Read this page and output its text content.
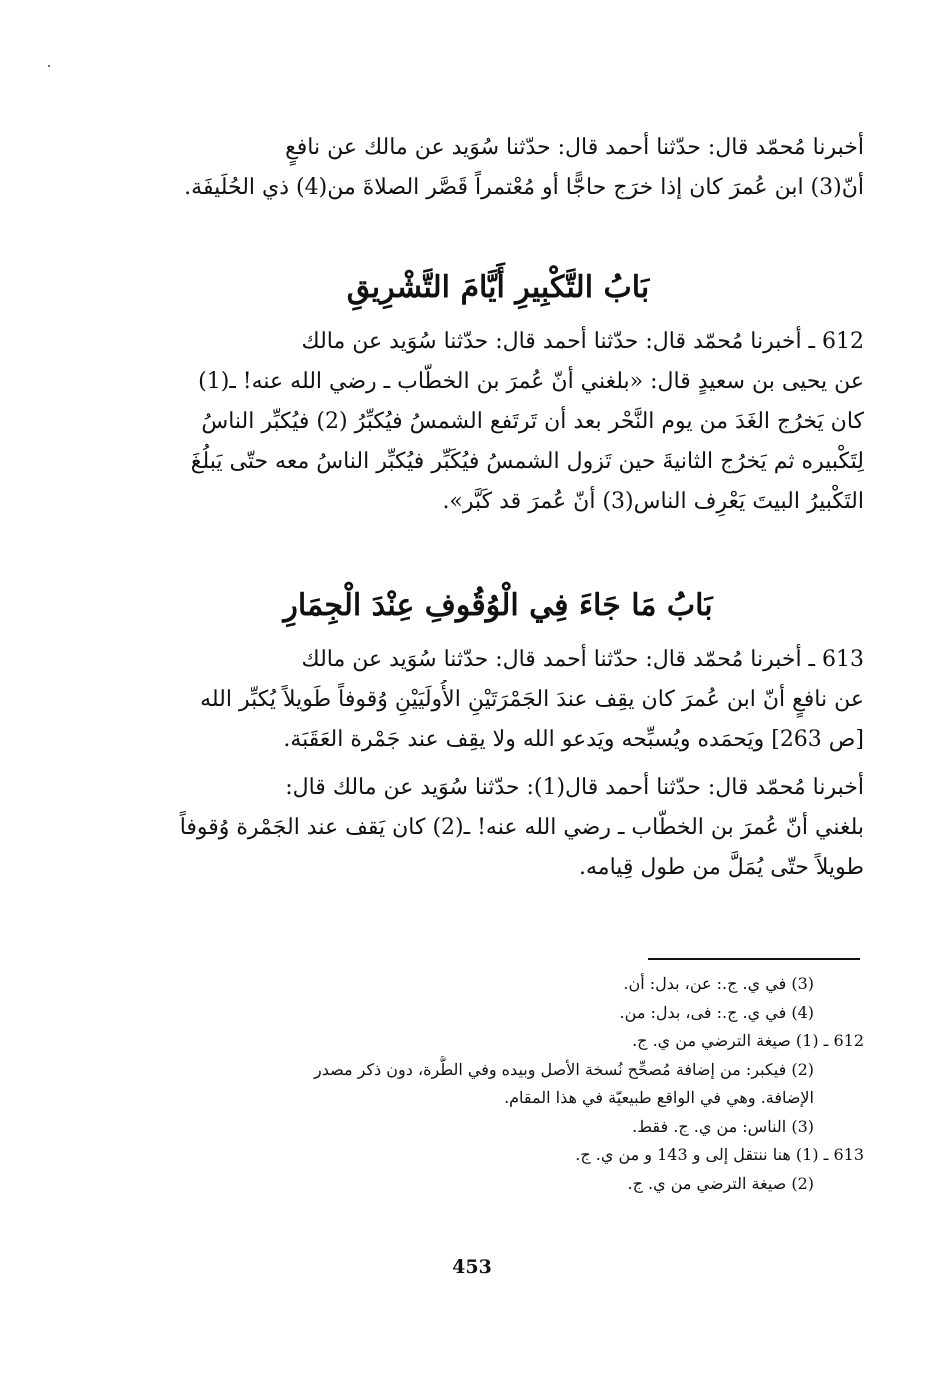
أخبرنا مُحمّد قال: حدّثنا أحمد قال: حدّثنا سُوَيد عن مالك عن نافعٍ
أنّ(3) ابن عُمرَ كان إذا خرَج حاجًّا أو مُعْتمراً قَصَّر الصلاةَ من(4) ذي الحُلَيفَة.
بَابُ التَّكْبِيرِ أَيَّامَ التَّشْرِيقِ
612 ـ أخبرنا مُحمّد قال: حدّثنا أحمد قال: حدّثنا سُوَيد عن مالك
عن يحيى بن سعيدٍ قال: «بلغني أنّ عُمرَ بن الخطّاب ـ رضي الله عنه! ـ(1)
كان يَخرُج الغَدَ من يوم النَّحْر بعد أن تَرتَفع الشمسُ فيُكبِّرُ (2) فيُكبِّر الناسُ
لِتَكْبيره ثم يَخرُج الثانيةَ حين تَزول الشمسُ فيُكَبِّر فيُكبِّر الناسُ معه حتّى يَبلُغَ
التَكْبيرُ البيتَ يَعْرِف الناس(3) أنّ عُمرَ قد كَبَّر».
بَابُ مَا جَاءَ فِي الْوُقُوفِ عِنْدَ الْجِمَارِ
613 ـ أخبرنا مُحمّد قال: حدّثنا أحمد قال: حدّثنا سُوَيد عن مالك
عن نافعٍ أنّ ابن عُمرَ كان يقِف عندَ الجَمْرَتَيْنِ الأُولَيَيْنِ وُقوفاً طَويلاً يُكبِّر الله
[ص 263] ويَحمَده ويُسبِّحه ويَدعو الله ولا يقِف عند جَمْرة العَقَبَة.
أخبرنا مُحمّد قال: حدّثنا أحمد قال(1): حدّثنا سُوَيد عن مالك قال:
بلغني أنّ عُمرَ بن الخطّاب ـ رضي الله عنه! ـ(2) كان يَقف عند الجَمْرة وُقوفاً
طويلاً حتّى يُمَلَّ من طول قِيامه.
(3) في ي. ج.: عن، بدل: أن.
(4) في ي. ج.: فى، بدل: من.
612 ـ (1) صيغة الترضي من ي. ج.
(2) فيكبر: من إضافة مُصحِّح نُسخة الأصل وبيده وفي الطُّرة، دون ذكر مصدر
الإضافة. وهي في الواقع طبيعيّة في هذا المقام.
(3) الناس: من ي. ج. فقط.
613 ـ (1) هنا ننتقل إلى و 143 و من ي. ج.
(2) صيغة الترضي من ي. ج.
453
